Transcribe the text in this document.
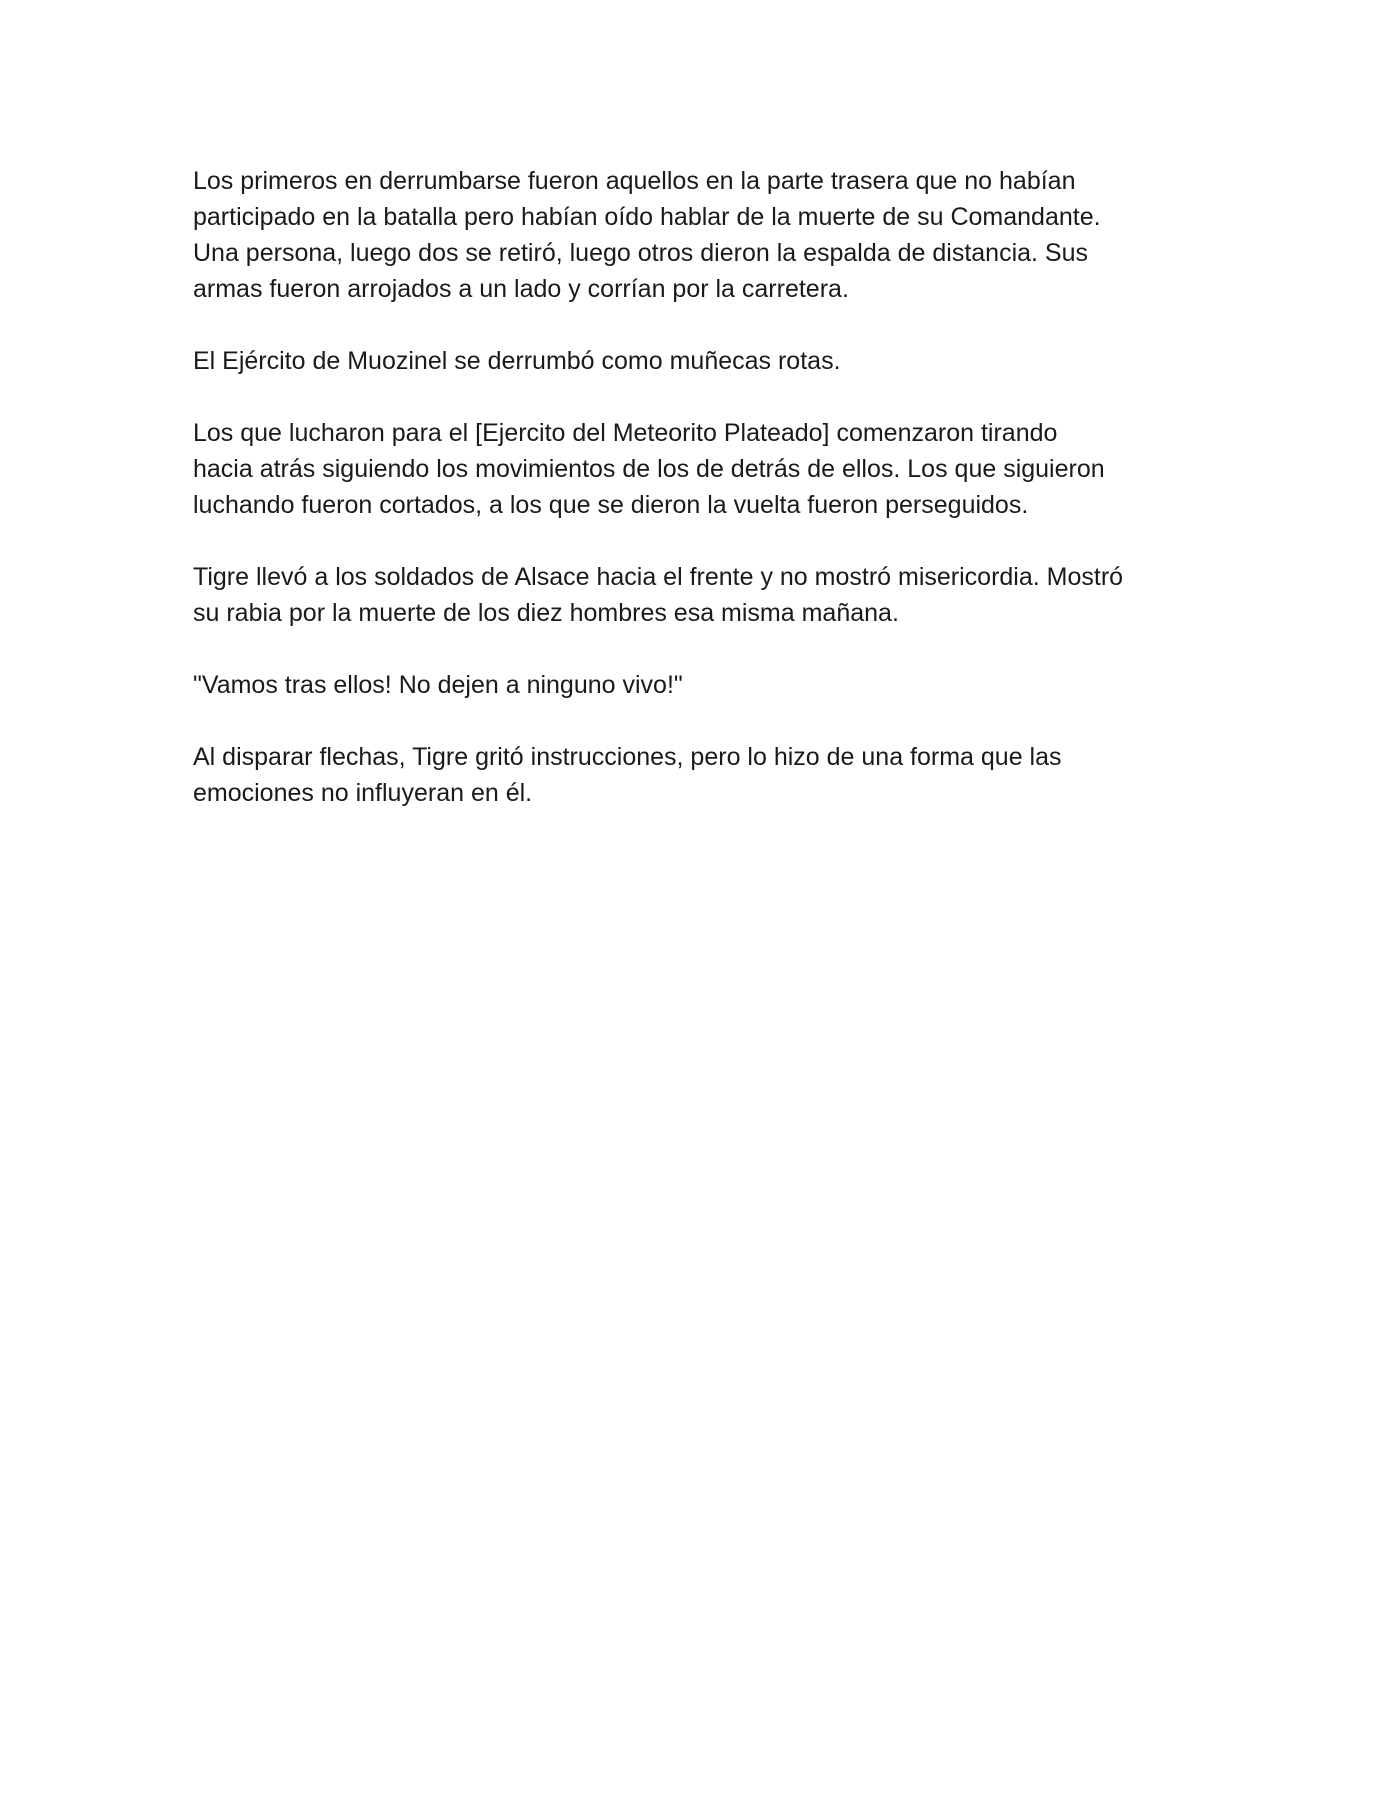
Los primeros en derrumbarse fueron aquellos en la parte trasera que no habían
participado en la batalla pero habían oído hablar de la muerte de su Comandante.
Una persona, luego dos se retiró, luego otros dieron la espalda de distancia. Sus
armas fueron arrojados a un lado y corrían por la carretera.

El Ejército de Muozinel se derrumbó como muñecas rotas.

Los que lucharon para el [Ejercito del Meteorito Plateado] comenzaron tirando
hacia atrás siguiendo los movimientos de los de detrás de ellos. Los que siguieron
luchando fueron cortados, a los que se dieron la vuelta fueron perseguidos.

Tigre llevó a los soldados de Alsace hacia el frente y no mostró misericordia. Mostró
su rabia por la muerte de los diez hombres esa misma mañana.

"Vamos tras ellos! No dejen a ninguno vivo!"

Al disparar flechas, Tigre gritó instrucciones, pero lo hizo de una forma que las
emociones no influyeran en él.
